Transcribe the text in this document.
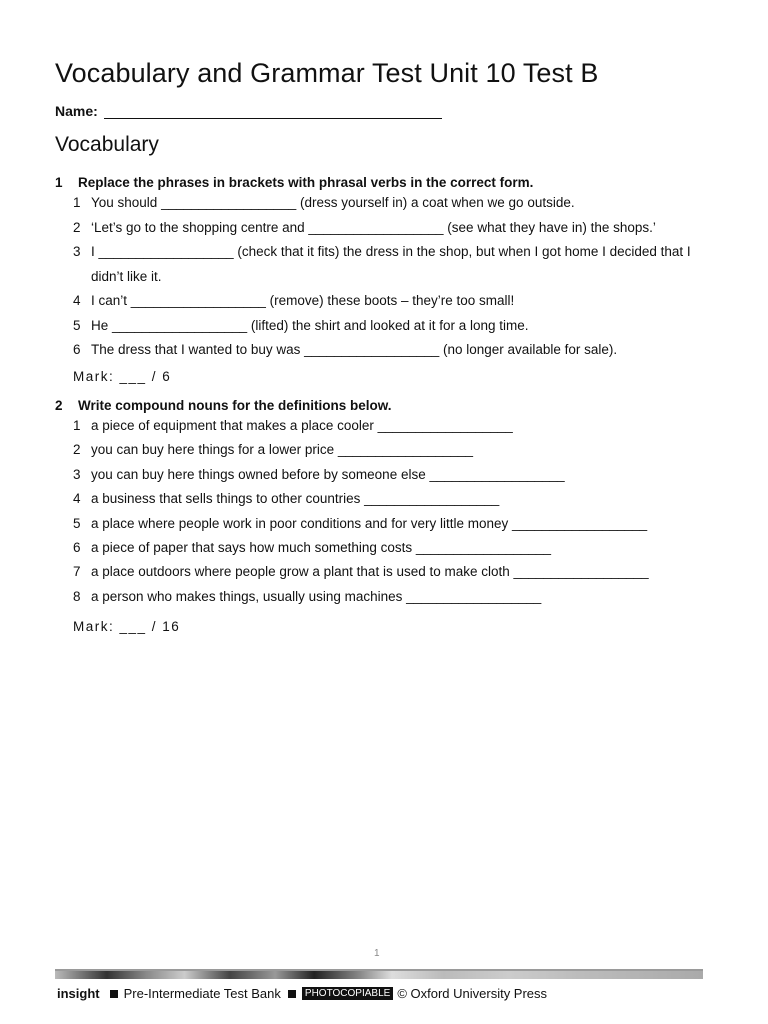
Vocabulary and Grammar Test Unit 10 Test B
Name:
Vocabulary
1	Replace the phrases in brackets with phrasal verbs in the correct form.
1 You should __________________ (dress yourself in) a coat when we go outside.
2 ‘Let’s go to the shopping centre and __________________ (see what they have in) the shops.’
3 I __________________ (check that it fits) the dress in the shop, but when I got home I decided that I didn’t like it.
4 I can’t __________________ (remove) these boots – they’re too small!
5 He __________________ (lifted) the shirt and looked at it for a long time.
6 The dress that I wanted to buy was __________________ (no longer available for sale).
Mark: ___ / 6
2	Write compound nouns for the definitions below.
1 a piece of equipment that makes a place cooler __________________
2 you can buy here things for a lower price __________________
3 you can buy here things owned before by someone else __________________
4 a business that sells things to other countries __________________
5 a place where people work in poor conditions and for very little money __________________
6 a piece of paper that says how much something costs __________________
7 a place outdoors where people grow a plant that is used to make cloth __________________
8 a person who makes things, usually using machines __________________
Mark: ___ / 16
1
insight Pre-Intermediate Test Bank	PHOTOCOPIABLE © Oxford University Press
